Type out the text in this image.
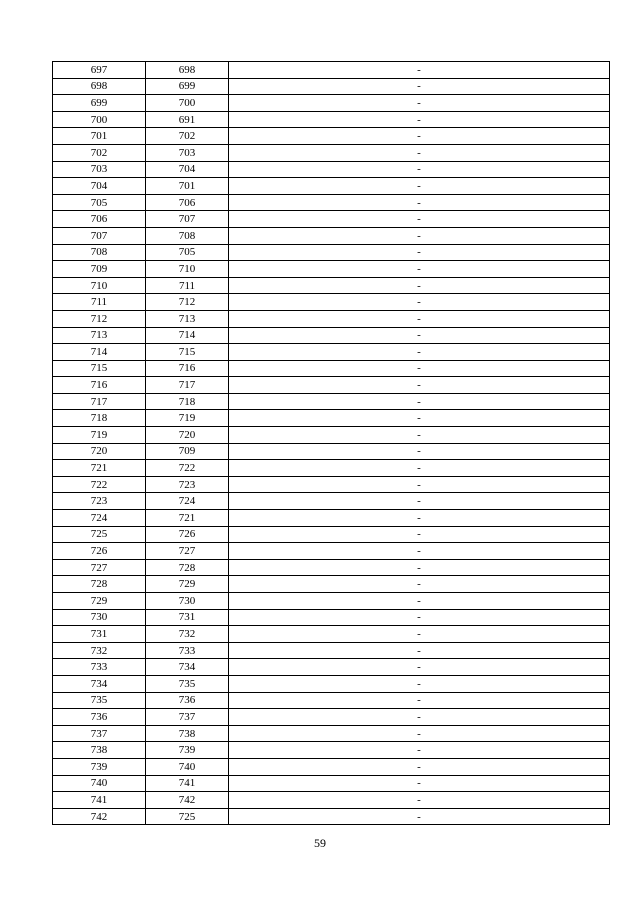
697	698	-
698	699	-
699	700	-
700	691	-
701	702	-
702	703	-
703	704	-
704	701	-
705	706	-
706	707	-
707	708	-
708	705	-
709	710	-
710	711	-
711	712	-
712	713	-
713	714	-
714	715	-
715	716	-
716	717	-
717	718	-
718	719	-
719	720	-
720	709	-
721	722	-
722	723	-
723	724	-
724	721	-
725	726	-
726	727	-
727	728	-
728	729	-
729	730	-
730	731	-
731	732	-
732	733	-
733	734	-
734	735	-
735	736	-
736	737	-
737	738	-
738	739	-
739	740	-
740	741	-
741	742	-
742	725	-
59
